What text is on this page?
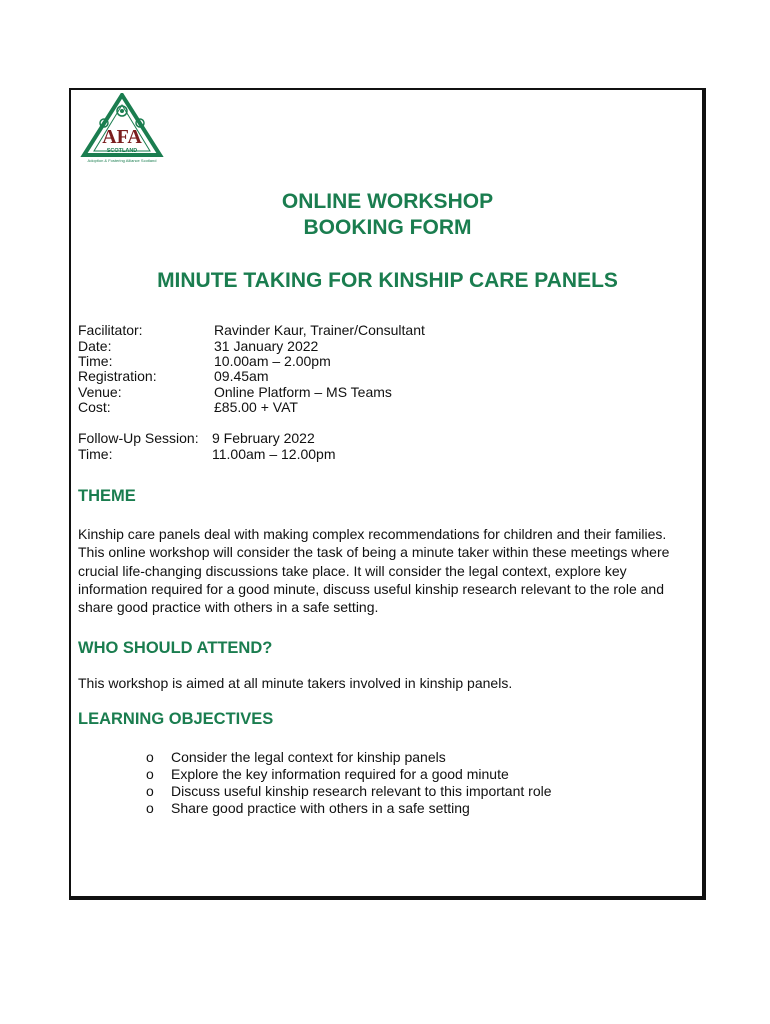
AFA
SCOTLAND
Adoption & Fostering Alliance Scotland
ONLINE WORKSHOP
BOOKING FORM
MINUTE TAKING FOR KINSHIP CARE PANELS
Facilitator:	Ravinder Kaur, Trainer/Consultant
Date:	31 January 2022
Time:	10.00am – 2.00pm
Registration:	09.45am
Venue:	Online Platform – MS Teams
Cost:	£85.00 + VAT
Follow-Up Session: 9 February 2022
Time:	11.00am – 12.00pm
THEME
Kinship care panels deal with making complex recommendations for children and their families. This online workshop will consider the task of being a minute taker within these meetings where crucial life-changing discussions take place. It will consider the legal context, explore key information required for a good minute, discuss useful kinship research relevant to the role and share good practice with others in a safe setting.
WHO SHOULD ATTEND?
This workshop is aimed at all minute takers involved in kinship panels.
LEARNING OBJECTIVES
o Consider the legal context for kinship panels
o Explore the key information required for a good minute
o Discuss useful kinship research relevant to this important role
o Share good practice with others in a safe setting
